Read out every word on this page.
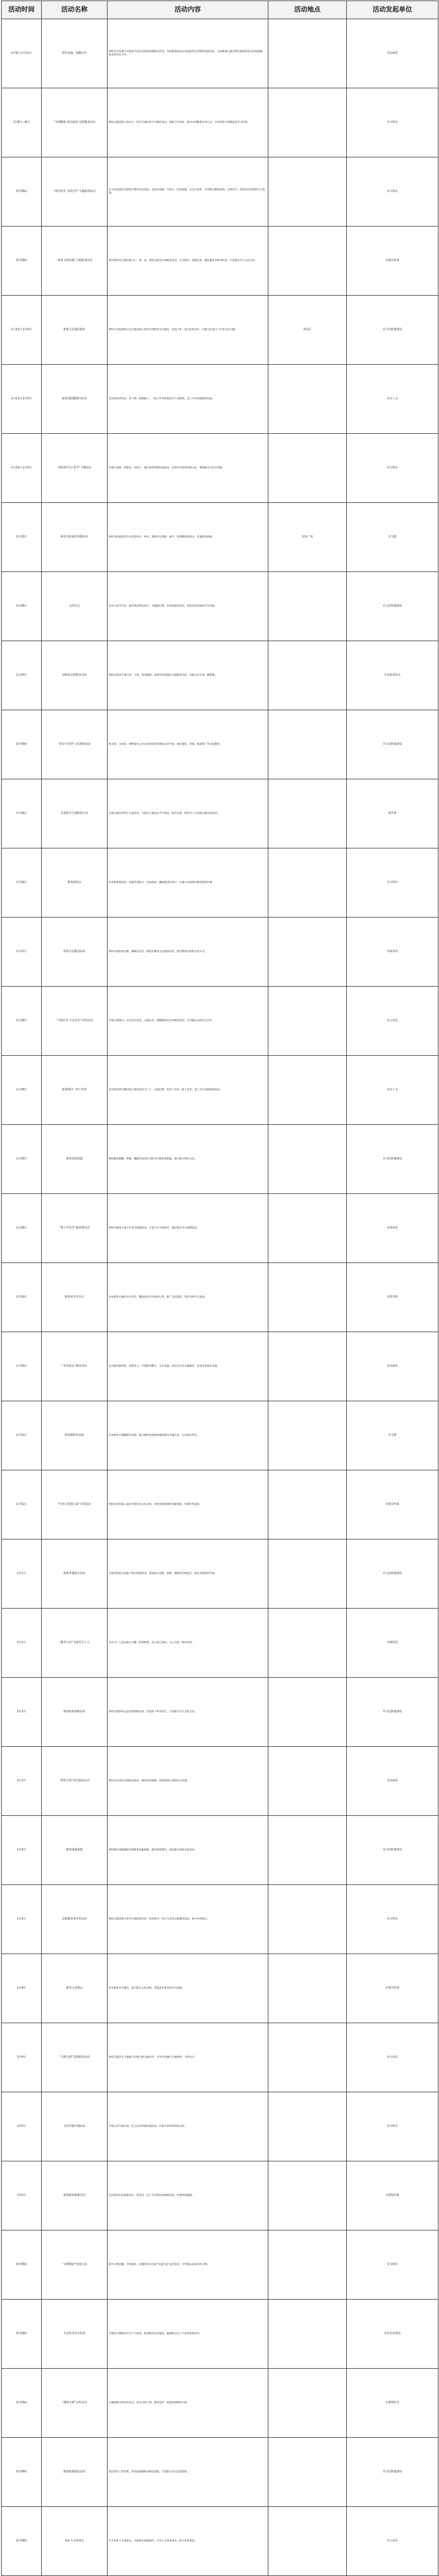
活动时间	活动名称	活动内容	活动地点	活动发起单位
1月6日-1月21日	阳光送福、温暖过年	组织全市各部门开展春节前走访慰问困难群众活动，为困难家庭送去米面油等生活物资及慰问金，让困难群众感受到党和政府的关怀和温暖，欢欢喜喜过大年。		市民政局
2月8日—8日	“文明健康 清洁家园”志愿服务活动	组织志愿者深入各社区、村庄开展环境卫生整治活动，清理卫生死角，倡导文明健康生活方式，共同营造干净整洁的节日环境。		市文明办
春节期间	“欢乐春节 文明过年”主题系列活动	在全市范围内开展春节系列文化活动，包括送春联、写福字、民俗展演、文艺汇演等，引导群众移风易俗、文明过节，营造喜庆祥和的节日氛围。		市文明办
春节期间	“新春文明实践”主题系列活动	依托新时代文明实践中心、所、站，组织志愿者开展新春走访、文艺演出、政策宣讲、便民服务等系列活动，丰富群众节日文化生活。		市委宣传部
1月21日-2月5日	新春文艺惠民演出	组织文艺院团和文艺志愿者深入基层开展新春文艺演出，送戏下乡、送文化进社区，让群众在家门口享受文化大餐。	各县区	市文化和旅游局
1月21日-2月5日	新春送温暖慰问活动	走访慰问老党员、老干部、困难职工、一线工作者和退役军人等群体，送上节日祝福和慰问品。		市总工会
1月22日-2月5日	“我们的节日·春节”主题活动	开展写春联、剪窗花、包饺子、猜灯谜等传统民俗活动，弘扬中华优秀传统文化，增强群众文化认同感。		市文明办
1月23日	新春书法家送春联活动	组织书法家协会会员走进社区、乡村，现场书写春联、福字，免费赠送给群众，传递新春祝福。	市民广场	市文联
1月24日	元宵灯会	举办元宵节灯会，展出各类特色花灯，开展猜灯谜、民俗表演等活动，营造欢乐祥和的节日氛围。		市文化和旅游局
1月25日	迎新春志愿服务活动	组织志愿者开展义诊、义剪、家电维修、法律咨询等便民志愿服务活动，为群众办实事、解难题。		市志愿者协会
春节期间	“春节不打烊”文化服务活动	图书馆、文化馆、博物馆等公共文化场馆春节期间正常开放，推出展览、讲座、阅读推广等文化服务。		市文化和旅游局
1月26日	关爱留守儿童新春行动	开展关爱农村留守儿童活动，为留守儿童送去学习用品、新年礼物，组织亲子互动和心理关爱活动。		团市委
1月26日	新春游园会	举办新春游园会，设置非遗展示、民俗体验、趣味游戏等项目，让群众在游园中感受浓浓年味。		市文明办
1月27日	新春全民健身活动	组织开展新春长跑、趣味运动会、棋类比赛等全民健身活动，倡导健康文明的生活方式。		市体育局
1月28日	“文明过节 平安过年”宣传活动	开展文明祭扫、安全用火用电、交通安全、禁燃禁放等宣传教育活动，引导群众文明安全过年。		市公安局
1月28日	新春慰问一线工作者	走访慰问春节期间坚守岗位的环卫工人、交通民警、医护人员等一线工作者，送上节日问候和慰问品。		市总工会
1月29日	新春民俗展演	组织舞龙舞狮、秧歌、腰鼓等民间艺术队伍开展民俗展演，展示地方特色文化。		市文化和旅游局
1月29日	“网上年货节”促消费活动	组织开展线上线下年货节促销活动，丰富节日市场供应，满足群众节日消费需求。		市商务局
1月30日	新春读书分享会	举办新春主题读书分享会，邀请读者分享阅读心得，推广全民阅读，营造书香节日氛围。		市图书馆
1月30日	“孝老爱亲”敬老活动	走访慰问敬老院、孤寡老人，开展陪伴聊天、文艺表演、清洁卫生等志愿服务，弘扬孝老爱亲美德。		市民政局
1月31日	新春摄影作品展	举办新春主题摄影作品展，展示城乡发展新面貌和群众幸福生活，记录美好时光。		市文联
1月31日	“红色文化进万家”宣讲活动	组织宣讲团深入基层开展红色文化宣讲，讲述党的故事和英雄事迹，传承红色基因。		市委宣传部
2月1日	新春非遗展示活动	开展非物质文化遗产展示展演活动，现场展示剪纸、面塑、刺绣等传统技艺，推动非遗保护传承。		市文化和旅游局
2月1日	“暖冬行动”关爱环卫工人	为环卫工人送去爱心早餐、防寒物资，设立爱心驿站，关心关爱一线劳动者。		市城管局
2月2日	新春电影放映活动	组织开展新春公益电影放映活动，送电影下乡进社区，丰富群众节日文化生活。		市文化和旅游局
2月2日	“邻里守望”社区联谊活动	组织社区居民开展联谊活动，增进邻里感情，营造和谐友善的社区氛围。		市民政局
2月3日	新春戏曲展演	组织地方戏曲剧团开展新春戏曲展演，演出经典剧目，满足群众戏曲文化需求。		市文化和旅游局
2月3日	志愿服务进乡村活动	组织志愿者深入乡村开展政策宣传、技术指导、医疗义诊等志愿服务活动，助力乡村振兴。		市文明办
2月4日	新春文艺晚会	举办新春文艺晚会，展示群众文化成果，营造欢乐喜庆的节日氛围。		市委宣传部
2月4日	“文明交通”志愿服务活动	组织志愿者在主要路口开展文明交通劝导，引导市民遵守交通规则，文明出行。		市公安局
2月5日	元宵节猜灯谜活动	开展元宵节猜灯谜、吃元宵等传统民俗活动，传承中华优秀传统文化。		市文明办
2月5日	新春慰问困难党员	走访慰问生活困难党员、老党员，送上节日慰问金和慰问品，传递组织温暖。		市委组织部
春节期间	“文明餐桌”光盘行动	倡导文明用餐、节约粮食，在餐饮单位开展“光盘行动”宣传活动，引导群众养成节约习惯。		市文明办
春节期间	平安春节安全检查	开展春节期间安全生产大检查，排查整治安全隐患，确保群众过上平安祥和的春节。		市应急管理局
春节期间	“网络文明”宣传活动	开展网络文明宣传活动，倡导文明上网、理性发声，营造清朗网络空间。		市委网信办
春节期间	新春旅游惠民活动	推出景区门票优惠、特色旅游线路等惠民措施，丰富群众节日出游选择。		市文化和旅游局
春节期间	返乡人才座谈会	召开返乡人才座谈会，交流家乡发展情况，引导人才回乡创业，助力家乡建设。		市人社局
